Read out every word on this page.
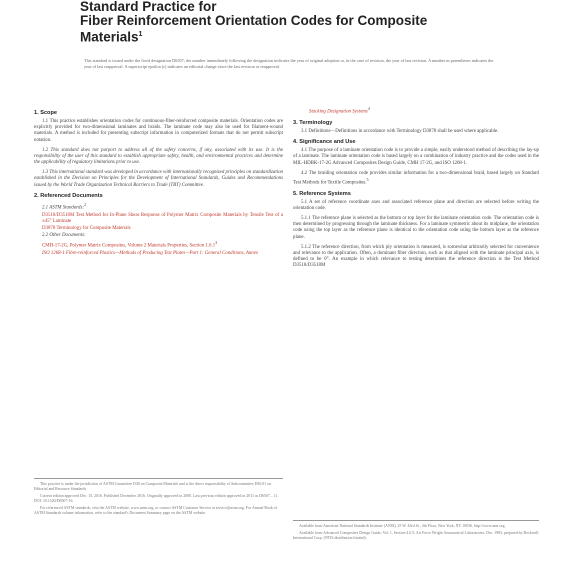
Standard Practice for
Fiber Reinforcement Orientation Codes for Composite
Materials$^1$
This standard is issued under the fixed designation D6507; the number immediately following the designation indicates the year of original adoption or, in the case of revision, the year of last revision. A number in parentheses indicates the year of last reapproval. A superscript epsilon (ε) indicates an editorial change since the last revision or reapproval.
1. Scope

1.1 This practice establishes orientation codes for continuous-fiber-reinforced composite materials. Orientation codes are explicitly provided for two-dimensional laminates and braids. The laminate code may also be used for filament-wound materials. A method is included for presenting subscript information in computerized formats that do not permit subscript notation.

1.2 This standard does not purport to address all of the safety concerns, if any, associated with its use. It is the responsibility of the user of this standard to establish appropriate safety, health, and environmental practices and determine the applicability of regulatory limitations prior to use.

1.3 This international standard was developed in accordance with internationally recognized principles on standardization established in the Decision on Principles for the Development of International Standards, Guides and Recommendations issued by the World Trade Organization Technical Barriers to Trade (TBT) Committee.

2. Referenced Documents
2.1 ASTM Standards:$^2$
D3518/D3518M Test Method for In-Plane Shear Response of Polymer Matrix Composite Materials by Tensile Test of a ±45° Laminate
D3878 Terminology for Composite Materials
2.2 Other Documents:
CMH-17-2G, Polymer Matrix Composites, Volume 2 Materials Properties, Section 1.6.1$^3$
ISO 1268-1 Fibre-reinforced Plastics—Methods of Producing Test Plates—Part 1: General Conditions, Annex
Stacking Designation Systems$^4$
3. Terminology

3.1 Definitions—Definitions in accordance with Terminology D3878 shall be used where applicable.

4. Significance and Use

4.1 The purpose of a laminate orientation code is to provide a simple, easily understood method of describing the lay-up of a laminate. The laminate orientation code is based largely on a combination of industry practice and the codes used in the MIL-HDBK-17-2G Advanced Composites Design Guide, CMH 17-2G, and ISO 1268-1.

4.2 The braiding orientation code provides similar information for a two-dimensional braid, based largely on Standard Test Methods for Textile Composites.$^5$

5. Reference Systems

5.1 A set of reference coordinate axes and associated reference plane and direction are selected before writing the orientation code.

5.1.1 The reference plane is selected as the bottom or top layer for the laminate orientation code. The orientation code is then determined by progressing through the laminate thickness. For a laminate symmetric about its midplane, the orientation code using the top layer as the reference plane is identical to the orientation code using the bottom layer as the reference plane.

5.1.2 The reference direction, from which ply orientation is measured, is somewhat arbitrarily selected for convenience and relevance to the application. Often, a dominant fiber direction, such as that aligned with the laminate principal axis, is defined to be 0°. An example in which relevance to testing determines the reference direction is the Test Method D3518/D3518M

This practice is under the jurisdiction of ASTM Committee D30 on Composite Materials and is the direct responsibility of Subcommittee D30.01 on Editorial and Resource Standards.
Current edition approved Dec. 15, 2016. Published December 2016. Originally approved in 2000. Last previous edition approved in 2011 as D6507 – 11. DOI: 10.1520/D6507-16.
For referenced ASTM standards, visit the ASTM website, www.astm.org, or contact ASTM Customer Service at service@astm.org. For Annual Book of ASTM Standards volume information, refer to the standard's Document Summary page on the ASTM website.
Available from American National Standards Institute (ANSI), 25 W. 43rd St., 4th Floor, New York, NY 10036, http://www.ansi.org.
Available from Advanced Composites Design Guide, Vol. 1, Section 4.0.5, Air Force Wright Aeronautical Laboratories, Dec. 1983, prepared by Rockwell International Corp. (NTIS distribution limited).
